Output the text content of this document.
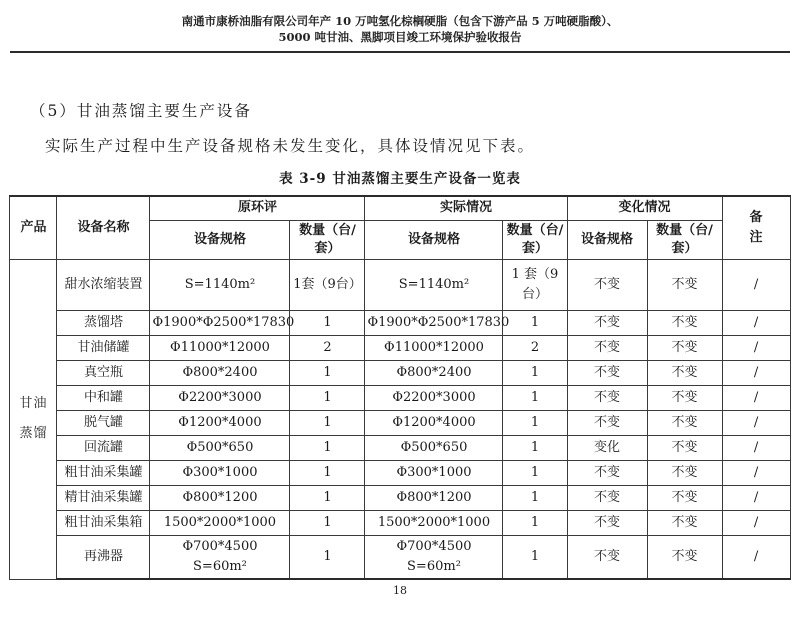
南通市康桥油脂有限公司年产 10 万吨氢化棕榈硬脂（包含下游产品 5 万吨硬脂酸）、
5000 吨甘油、黑脚项目竣工环境保护验收报告
（5）甘油蒸馏主要生产设备
实际生产过程中生产设备规格未发生变化，具体设情况见下表。
表 3-9 甘油蒸馏主要生产设备一览表
产品	设备名称	原环评		实际情况		变化情况		备注

		设备规格	数量（台/套）	设备规格	数量（台/套）	设备规格	数量（台/套）	

甘油蒸馏	甜水浓缩装置	S=1140m²	1套（9台）	S=1140m²	1 套（9 台）	不变	不变	/
	蒸馏塔	Φ1900*Φ2500*17830	1	Φ1900*Φ2500*17830	1	不变	不变	/
	甘油储罐	Φ11000*12000	2	Φ11000*12000	2	不变	不变	/
	真空瓶	Φ800*2400	1	Φ800*2400	1	不变	不变	/
	中和罐	Φ2200*3000	1	Φ2200*3000	1	不变	不变	/
	脱气罐	Φ1200*4000	1	Φ1200*4000	1	不变	不变	/
	回流罐	Φ500*650	1	Φ500*650	1	变化	不变	/
	粗甘油采集罐	Φ300*1000	1	Φ300*1000	1	不变	不变	/
	精甘油采集罐	Φ800*1200	1	Φ800*1200	1	不变	不变	/
	粗甘油采集箱	1500*2000*1000	1	1500*2000*1000	1	不变	不变	/
	再沸器	Φ700*4500　S=60m²	1	Φ700*4500　S=60m²	1	不变	不变	/
18
